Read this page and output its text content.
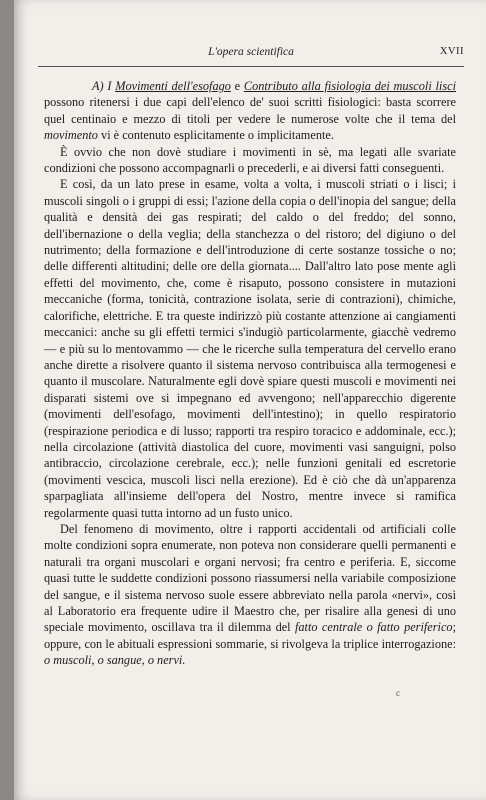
L'opera scientifica	XVII

A) I Movimenti dell'esofago e Contributo alla fisiologia dei muscoli lisci possono ritenersi i due capi dell'elenco de' suoi scritti fisiologici: basta scorrere quel centinaio e mezzo di titoli per vedere le numerose volte che il tema del movimento vi è contenuto esplicitamente o implicitamente.

È ovvio che non dovè studiare i movimenti in sè, ma legati alle svariate condizioni che possono accompagnarli o precederli, e ai diversi fatti conseguenti.

E così, da un lato prese in esame, volta a volta, i muscoli striati o i lisci; i muscoli singoli o i gruppi di essi; l'azione della copia o dell'inopia del sangue; della qualità e densità dei gas respirati; del caldo o del freddo; del sonno, dell'ibernazione o della veglia; della stanchezza o del ristoro; del digiuno o del nutrimento; della formazione e dell'introduzione di certe sostanze tossiche o no; delle differenti altitudini; delle ore della giornata.... Dall'altro lato pose mente agli effetti del movimento, che, come è risaputo, possono consistere in mutazioni meccaniche (forma, tonicità, contrazione isolata, serie di contrazioni), chimiche, calorifiche, elettriche. E tra queste indirizzò più costante attenzione ai cangiamenti meccanici: anche su gli effetti termici s'indugiò particolarmente, giacchè vedremo — e più su lo mentovammo — che le ricerche sulla temperatura del cervello erano anche dirette a risolvere quanto il sistema nervoso contribuisca alla termogenesi e quanto il muscolare. Naturalmente egli dovè spiare questi muscoli e movimenti nei disparati sistemi ove si impegnano ed avvengono; nell'apparecchio digerente (movimenti dell'esofago, movimenti dell'intestino); in quello respiratorio (respirazione periodica e di lusso; rapporti tra respiro toracico e addominale, ecc.); nella circolazione (attività diastolica del cuore, movimenti vasi sanguigni, polso antibraccio, circolazione cerebrale, ecc.); nelle funzioni genitali ed escretorie (movimenti vescica, muscoli lisci nella erezione). Ed è ciò che dà un'apparenza sparpagliata all'insieme dell'opera del Nostro, mentre invece si ramifica regolarmente quasi tutta intorno ad un fusto unico.

Del fenomeno di movimento, oltre i rapporti accidentali od artificiali colle molte condizioni sopra enumerate, non poteva non considerare quelli permanenti e naturali tra organi muscolari e organi nervosi; fra centro e periferia. E, siccome quasi tutte le suddette condizioni possono riassumersi nella variabile composizione del sangue, e il sistema nervoso suole essere abbreviato nella parola «nervi», così al Laboratorio era frequente udire il Maestro che, per risalire alla genesi di uno speciale movimento, oscillava tra il dilemma del fatto centrale o fatto periferico; oppure, con le abituali espressioni sommarie, si rivolgeva la triplice interrogazione: o muscoli, o sangue, o nervi.

c
